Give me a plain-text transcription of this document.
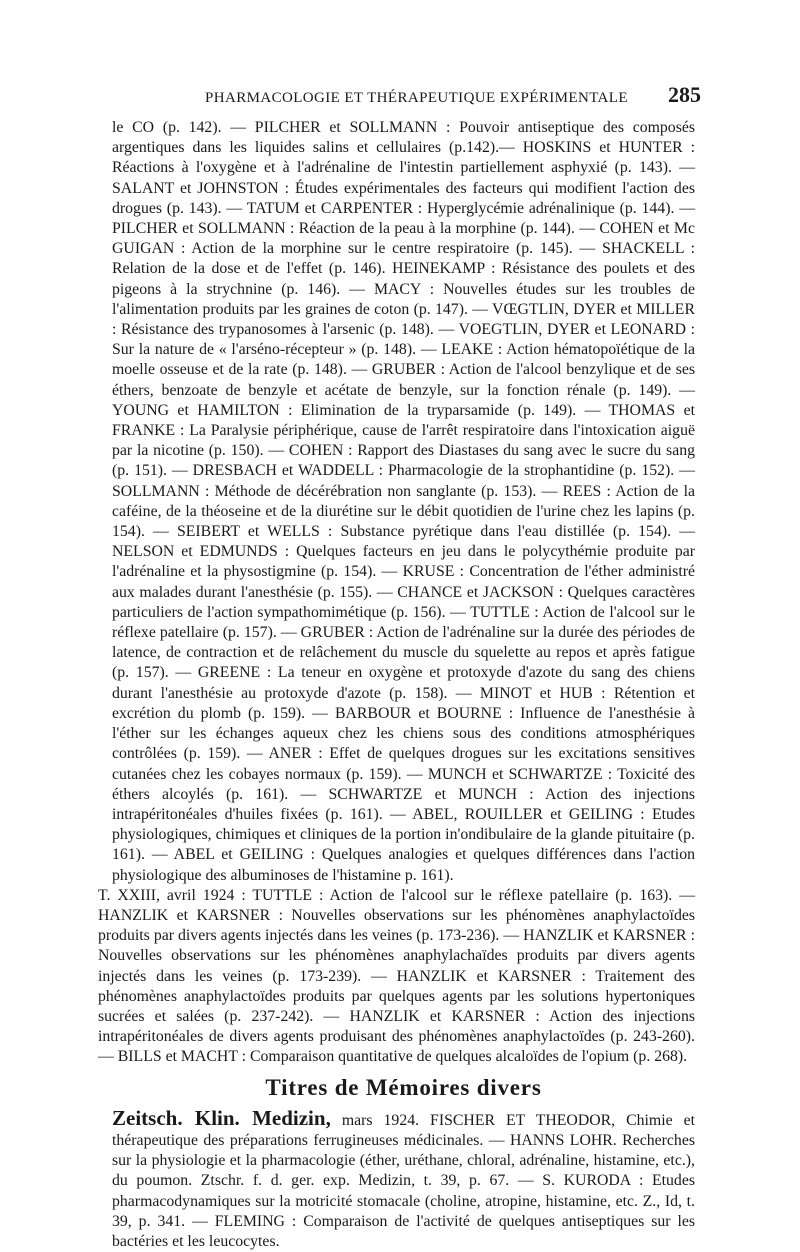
PHARMACOLOGIE ET THÉRAPEUTIQUE EXPÉRIMENTALE 285

le CO (p. 142). — PILCHER et SOLLMANN : Pouvoir antiseptique des composés argentiques dans les liquides salins et cellulaires (p.142).— HOSKINS et HUNTER : Réactions à l'oxygène et à l'adrénaline de l'intestin partiellement asphyxié (p. 143). — SALANT et JOHNSTON : Études expérimentales des facteurs qui modifient l'action des drogues (p. 143). — TATUM et CARPENTER : Hyperglycémie adrénalinique (p. 144). — PILCHER et SOLLMANN : Réaction de la peau à la morphine (p. 144). — COHEN et Mc GUIGAN : Action de la morphine sur le centre respiratoire (p. 145). — SHACKELL : Relation de la dose et de l'effet (p. 146). HEINEKAMP : Résistance des poulets et des pigeons à la strychnine (p. 146). — MACY : Nouvelles études sur les troubles de l'alimentation produits par les graines de coton (p. 147). — VŒGTLIN, DYER et MILLER : Résistance des trypanosomes à l'arsenic (p. 148). — VOEGTLIN, DYER et LEONARD : Sur la nature de « l'arséno-récepteur » (p. 148). — LEAKE : Action hématopoïétique de la moelle osseuse et de la rate (p. 148). — GRUBER : Action de l'alcool benzylique et de ses éthers, benzoate de benzyle et acétate de benzyle, sur la fonction rénale (p. 149). — YOUNG et HAMILTON : Elimination de la tryparsamide (p. 149). — THOMAS et FRANKE : La Paralysie périphérique, cause de l'arrêt respiratoire dans l'intoxication aiguë par la nicotine (p. 150). — COHEN : Rapport des Diastases du sang avec le sucre du sang (p. 151). — DRESBACH et WADDELL : Pharmacologie de la strophantidine (p. 152). — SOLLMANN : Méthode de décérébration non sanglante (p. 153). — REES : Action de la caféine, de la théoseine et de la diurétine sur le débit quotidien de l'urine chez les lapins (p. 154). — SEIBERT et WELLS : Substance pyrétique dans l'eau distillée (p. 154). — NELSON et EDMUNDS : Quelques facteurs en jeu dans le polycythémie produite par l'adrénaline et la physostigmine (p. 154). — KRUSE : Concentration de l'éther administré aux malades durant l'anesthésie (p. 155). — CHANCE et JACKSON : Quelques caractères particuliers de l'action sympathomimétique (p. 156). — TUTTLE : Action de l'alcool sur le réflexe patellaire (p. 157). — GRUBER : Action de l'adrénaline sur la durée des périodes de latence, de contraction et de relâchement du muscle du squelette au repos et après fatigue (p. 157). — GREENE : La teneur en oxygène et protoxyde d'azote du sang des chiens durant l'anesthésie au protoxyde d'azote (p. 158). — MINOT et HUB : Rétention et excrétion du plomb (p. 159). — BARBOUR et BOURNE : Influence de l'anesthésie à l'éther sur les échanges aqueux chez les chiens sous des conditions atmosphériques contrôlées (p. 159). — ANER : Effet de quelques drogues sur les excitations sensitives cutanées chez les cobayes normaux (p. 159). — MUNCH et SCHWARTZE : Toxicité des éthers alcoylés (p. 161). — SCHWARTZE et MUNCH : Action des injections intrapéritonéales d'huiles fixées (p. 161). — ABEL, ROUILLER et GEILING : Etudes physiologiques, chimiques et cliniques de la portion in'ondibulaire de la glande pituitaire (p. 161). — ABEL et GEILING : Quelques analogies et quelques différences dans l'action physiologique des albuminoses de l'histamine p. 161).

T. XXIII, avril 1924 : TUTTLE : Action de l'alcool sur le réflexe patellaire (p. 163). — HANZLIK et KARSNER : Nouvelles observations sur les phénomènes anaphylactoïdes produits par divers agents injectés dans les veines (p. 173-236). — HANZLIK et KARSNER : Nouvelles observations sur les phénomènes anaphylachaïdes produits par divers agents injectés dans les veines (p. 173-239). — HANZLIK et KARSNER : Traitement des phénomènes anaphylactoïdes produits par quelques agents par les solutions hypertoniques sucrées et salées (p. 237-242). — HANZLIK et KARSNER : Action des injections intrapéritonéales de divers agents produisant des phénomènes anaphylactoïdes (p. 243-260). — BILLS et MACHT : Comparaison quantitative de quelques alcaloïdes de l'opium (p. 268).

Titres de Mémoires divers

Zeitsch. Klin. Medizin, mars 1924. FISCHER ET THEODOR, Chimie et thérapeutique des préparations ferrugineuses médicinales. — HANNS LOHR. Recherches sur la physiologie et la pharmacologie (éther, uréthane, chloral, adrénaline, histamine, etc.), du poumon. Ztschr. f. d. ger. exp. Medizin, t. 39, p. 67. — S. KURODA : Etudes pharmacodynamiques sur la motricité stomacale (choline, atropine, histamine, etc. Z., Id, t. 39, p. 341. — FLEMING : Comparaison de l'activité de quelques antiseptiques sur les bactéries et les leucocytes.
